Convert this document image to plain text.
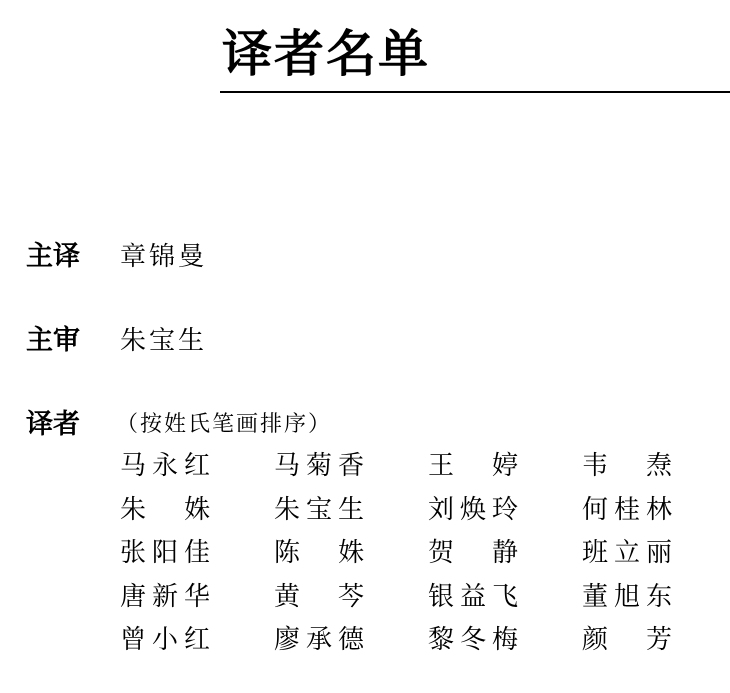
译者名单
主译 章锦曼
主审 朱宝生
译者 （按姓氏笔画排序）
马 永 红 马 菊 香 王 婷 韦 焘
朱 姝 朱 宝 生 刘 焕 玲 何 桂 林
张 阳 佳 陈 姝 贺 静 班 立 丽
唐 新 华 黄 芩 银 益 飞 董 旭 东
曾 小 红 廖 承 德 黎 冬 梅 颜 芳
